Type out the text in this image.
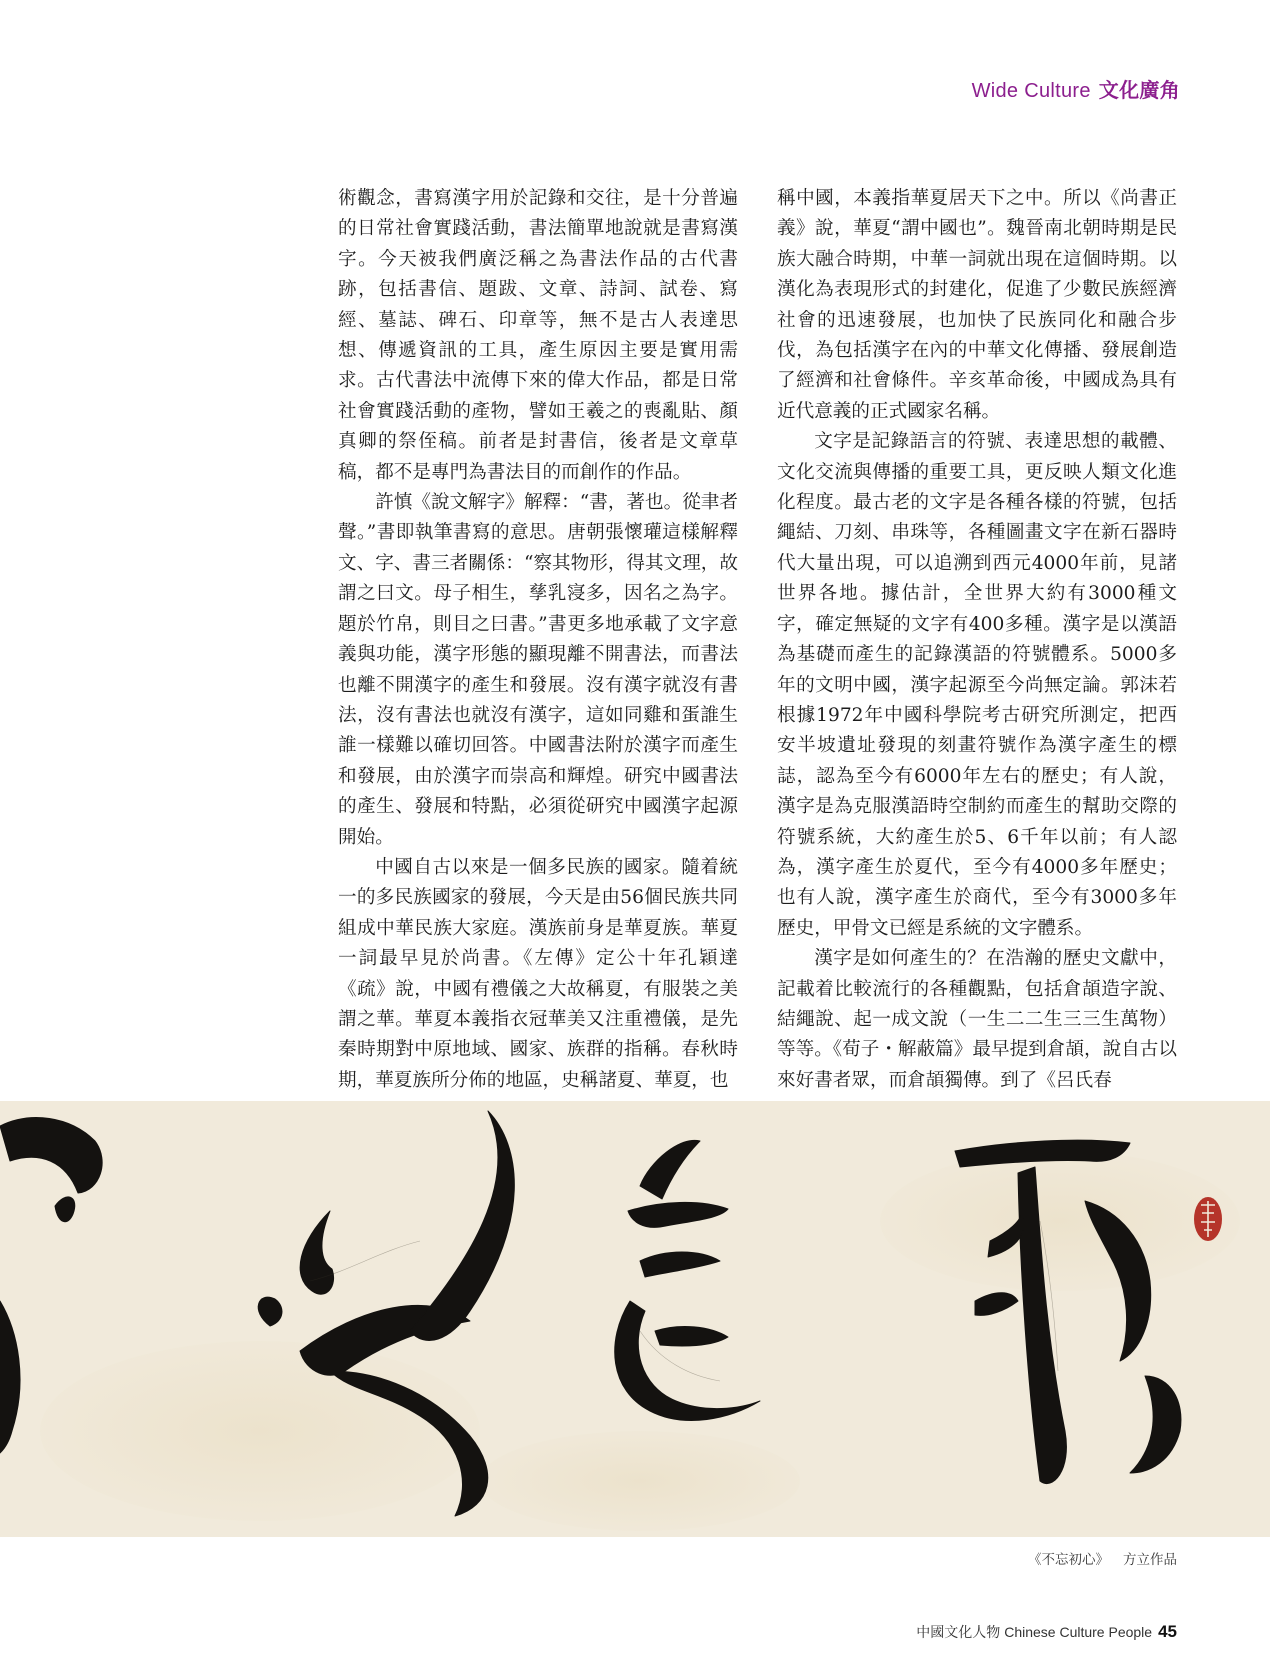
Wide Culture 文化廣角

術觀念，書寫漢字用於記錄和交往，是十分普遍的日常社會實踐活動，書法簡單地說就是書寫漢字。今天被我們廣泛稱之為書法作品的古代書跡，包括書信、題跋、文章、詩詞、試卷、寫經、墓誌、碑石、印章等，無不是古人表達思想、傳遞資訊的工具，產生原因主要是實用需求。古代書法中流傳下來的偉大作品，都是日常社會實踐活動的產物，譬如王羲之的喪亂貼、顏真卿的祭侄稿。前者是封書信，後者是文章草稿，都不是專門為書法目的而創作的作品。

許慎《說文解字》解釋：“書，著也。從聿者聲。”書即執筆書寫的意思。唐朝張懷瓘這樣解釋文、字、書三者關係：“察其物形，得其文理，故謂之曰文。母子相生，孳乳寖多，因名之為字。題於竹帛，則目之曰書。”書更多地承載了文字意義與功能，漢字形態的顯現離不開書法，而書法也離不開漢字的產生和發展。沒有漢字就沒有書法，沒有書法也就沒有漢字，這如同雞和蛋誰生誰一樣難以確切回答。中國書法附於漢字而產生和發展，由於漢字而崇高和輝煌。研究中國書法的產生、發展和特點，必須從研究中國漢字起源開始。

中國自古以來是一個多民族的國家。隨着統一的多民族國家的發展，今天是由56個民族共同組成中華民族大家庭。漢族前身是華夏族。華夏一詞最早見於尚書。《左傳》定公十年孔穎達《疏》說，中國有禮儀之大故稱夏，有服裝之美謂之華。華夏本義指衣冠華美又注重禮儀，是先秦時期對中原地域、國家、族群的指稱。春秋時期，華夏族所分佈的地區，史稱諸夏、華夏，也

稱中國，本義指華夏居天下之中。所以《尚書正義》說，華夏“謂中國也”。魏晉南北朝時期是民族大融合時期，中華一詞就出現在這個時期。以漢化為表現形式的封建化，促進了少數民族經濟社會的迅速發展，也加快了民族同化和融合步伐，為包括漢字在內的中華文化傳播、發展創造了經濟和社會條件。辛亥革命後，中國成為具有近代意義的正式國家名稱。

文字是記錄語言的符號、表達思想的載體、文化交流與傳播的重要工具，更反映人類文化進化程度。最古老的文字是各種各樣的符號，包括繩結、刀刻、串珠等，各種圖畫文字在新石器時代大量出現，可以追溯到西元4000年前，見諸世界各地。據估計，全世界大約有3000種文字，確定無疑的文字有400多種。漢字是以漢語為基礎而產生的記錄漢語的符號體系。5000多年的文明中國，漢字起源至今尚無定論。郭沫若根據1972年中國科學院考古研究所測定，把西安半坡遺址發現的刻畫符號作為漢字產生的標誌，認為至今有6000年左右的歷史；有人說，漢字是為克服漢語時空制約而產生的幫助交際的符號系統，大約產生於5、6千年以前；有人認為，漢字產生於夏代，至今有4000多年歷史；也有人說，漢字產生於商代，至今有3000多年歷史，甲骨文已經是系統的文字體系。

漢字是如何產生的？在浩瀚的歷史文獻中，記載着比較流行的各種觀點，包括倉頡造字說、結繩說、起一成文說（一生二二生三三生萬物）等等。《荀子・解蔽篇》最早提到倉頡，說自古以來好書者眾，而倉頡獨傳。到了《呂氏春

《不忘初心》 方立作品
中國文化人物 Chinese Culture People 45
